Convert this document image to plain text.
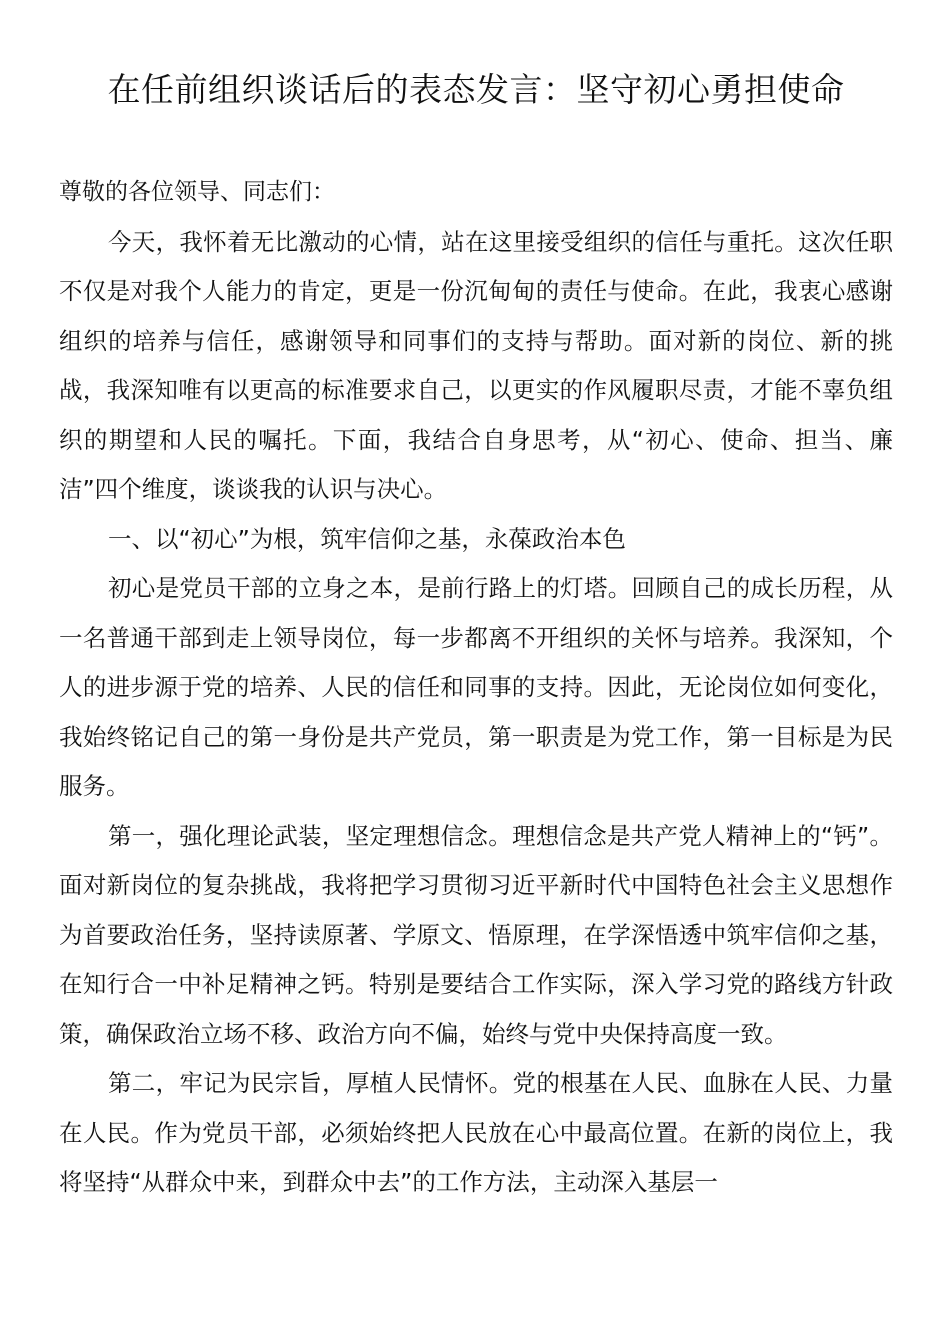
在任前组织谈话后的表态发言：坚守初心勇担使命

尊敬的各位领导、同志们：

今天，我怀着无比激动的心情，站在这里接受组织的信任与重托。这次任职不仅是对我个人能力的肯定，更是一份沉甸甸的责任与使命。在此，我衷心感谢组织的培养与信任，感谢领导和同事们的支持与帮助。面对新的岗位、新的挑战，我深知唯有以更高的标准要求自己，以更实的作风履职尽责，才能不辜负组织的期望和人民的嘱托。下面，我结合自身思考，从“初心、使命、担当、廉洁”四个维度，谈谈我的认识与决心。

一、以“初心”为根，筑牢信仰之基，永葆政治本色

初心是党员干部的立身之本，是前行路上的灯塔。回顾自己的成长历程，从一名普通干部到走上领导岗位，每一步都离不开组织的关怀与培养。我深知，个人的进步源于党的培养、人民的信任和同事的支持。因此，无论岗位如何变化，我始终铭记自己的第一身份是共产党员，第一职责是为党工作，第一目标是为民服务。

第一，强化理论武装，坚定理想信念。理想信念是共产党人精神上的“钙”。面对新岗位的复杂挑战，我将把学习贯彻习近平新时代中国特色社会主义思想作为首要政治任务，坚持读原著、学原文、悟原理，在学深悟透中筑牢信仰之基，在知行合一中补足精神之钙。特别是要结合工作实际，深入学习党的路线方针政策，确保政治立场不移、政治方向不偏，始终与党中央保持高度一致。

第二，牢记为民宗旨，厚植人民情怀。党的根基在人民、血脉在人民、力量在人民。作为党员干部，必须始终把人民放在心中最高位置。在新的岗位上，我将坚持“从群众中来，到群众中去”的工作方法，主动深入基层一
